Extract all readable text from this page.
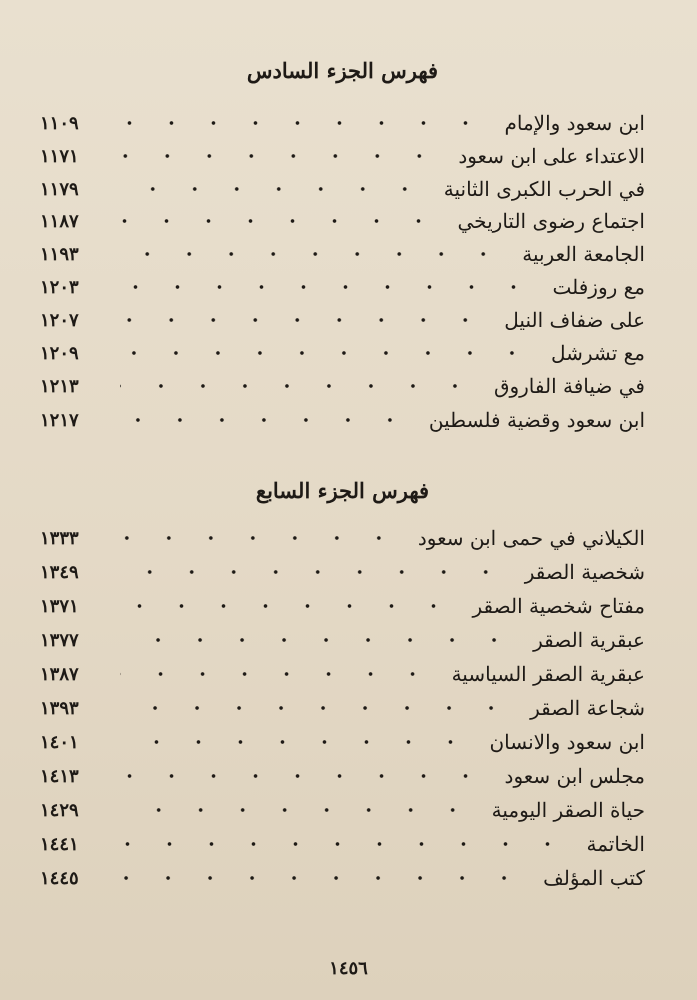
فهرس الجزء السادس
ابن سعود والإمام
١١٠٩
الاعتداء على ابن سعود
١١٧١
في الحرب الكبرى الثانية
١١٧٩
اجتماع رضوى التاريخي
١١٨٧
الجامعة العربية
١١٩٣
مع روزفلت
١٢٠٣
على ضفاف النيل
١٢٠٧
مع تشرشل
١٢٠٩
في ضيافة الفاروق
١٢١٣
ابن سعود وقضية فلسطين
١٢١٧
فهرس الجزء السابع
الكيلاني في حمى ابن سعود
١٣٣٣
شخصية الصقر
١٣٤٩
مفتاح شخصية الصقر
١٣٧١
عبقرية الصقر
١٣٧٧
عبقرية الصقر السياسية
١٣٨٧
شجاعة الصقر
١٣٩٣
ابن سعود والانسان
١٤٠١
مجلس ابن سعود
١٤١٣
حياة الصقر اليومية
١٤٢٩
الخاتمة
١٤٤١
كتب المؤلف
١٤٤٥
١٤٥٦
